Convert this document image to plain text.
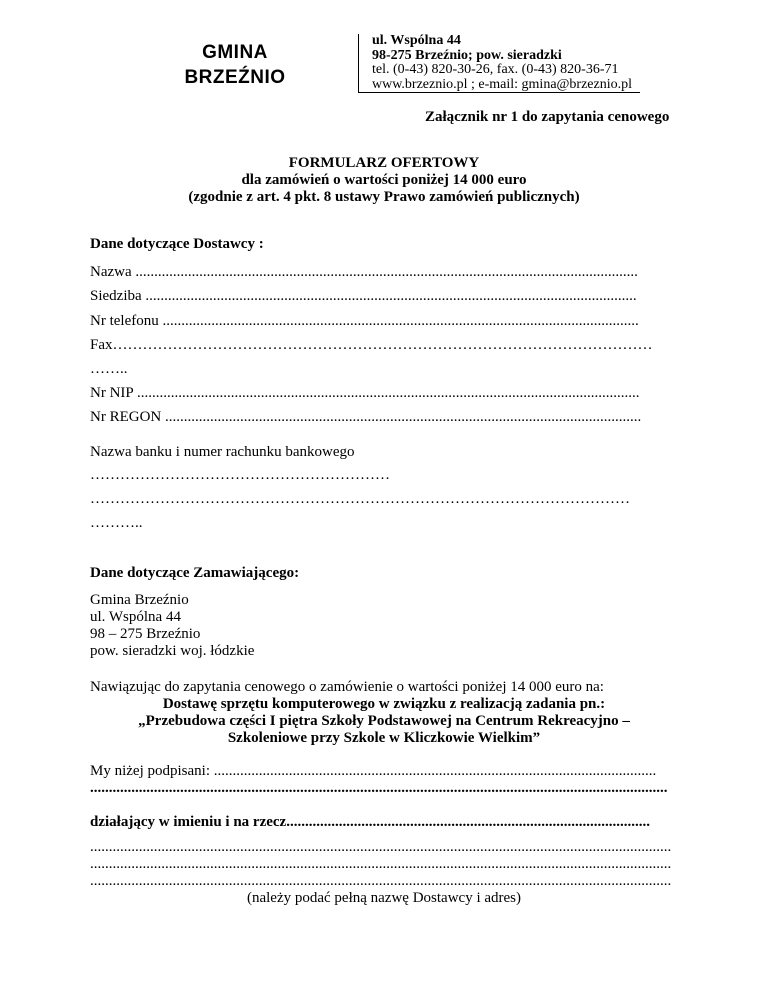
GMINA
BRZEŹNIO
ul. Wspólna 44
98-275 Brzeźnio; pow. sieradzki
tel. (0-43) 820-30-26, fax. (0-43) 820-36-71
www.brzeznio.pl ; e-mail: gmina@brzeznio.pl
Załącznik nr 1 do zapytania cenowego
FORMULARZ OFERTOWY
dla zamówień o wartości poniżej 14 000 euro
(zgodnie z art. 4 pkt. 8 ustawy Prawo zamówień publicznych)
Dane dotyczące Dostawcy :
Nazwa ......................................................................................................................................
Siedziba ...................................................................................................................................
Nr telefonu ...............................................................................................................................
Fax………………………………………………………………………………………………
……..
Nr NIP ......................................................................................................................................
Nr REGON ...............................................................................................................................
Nazwa banku i numer rachunku bankowego
……………………………………………………
………………………………………………………………………………………………
………..
Dane dotyczące Zamawiającego:
Gmina Brzeźnio
ul. Wspólna 44
98 – 275 Brzeźnio
pow. sieradzki woj. łódzkie
Nawiązując do zapytania cenowego o zamówienie o wartości poniżej 14 000 euro na:
Dostawę sprzętu komputerowego w związku z realizacją zadania pn.:
„Przebudowa części I piętra Szkoły Podstawowej na Centrum Rekreacyjno –
Szkoleniowe przy Szkole w Kliczkowie Wielkim”
My niżej podpisani: ......................................................................................................................
..........................................................................................................................................................
działający w imieniu i na rzecz.................................................................................................
...........................................................................................................................................................
...........................................................................................................................................................
...........................................................................................................................................................
(należy podać pełną nazwę Dostawcy i adres)
